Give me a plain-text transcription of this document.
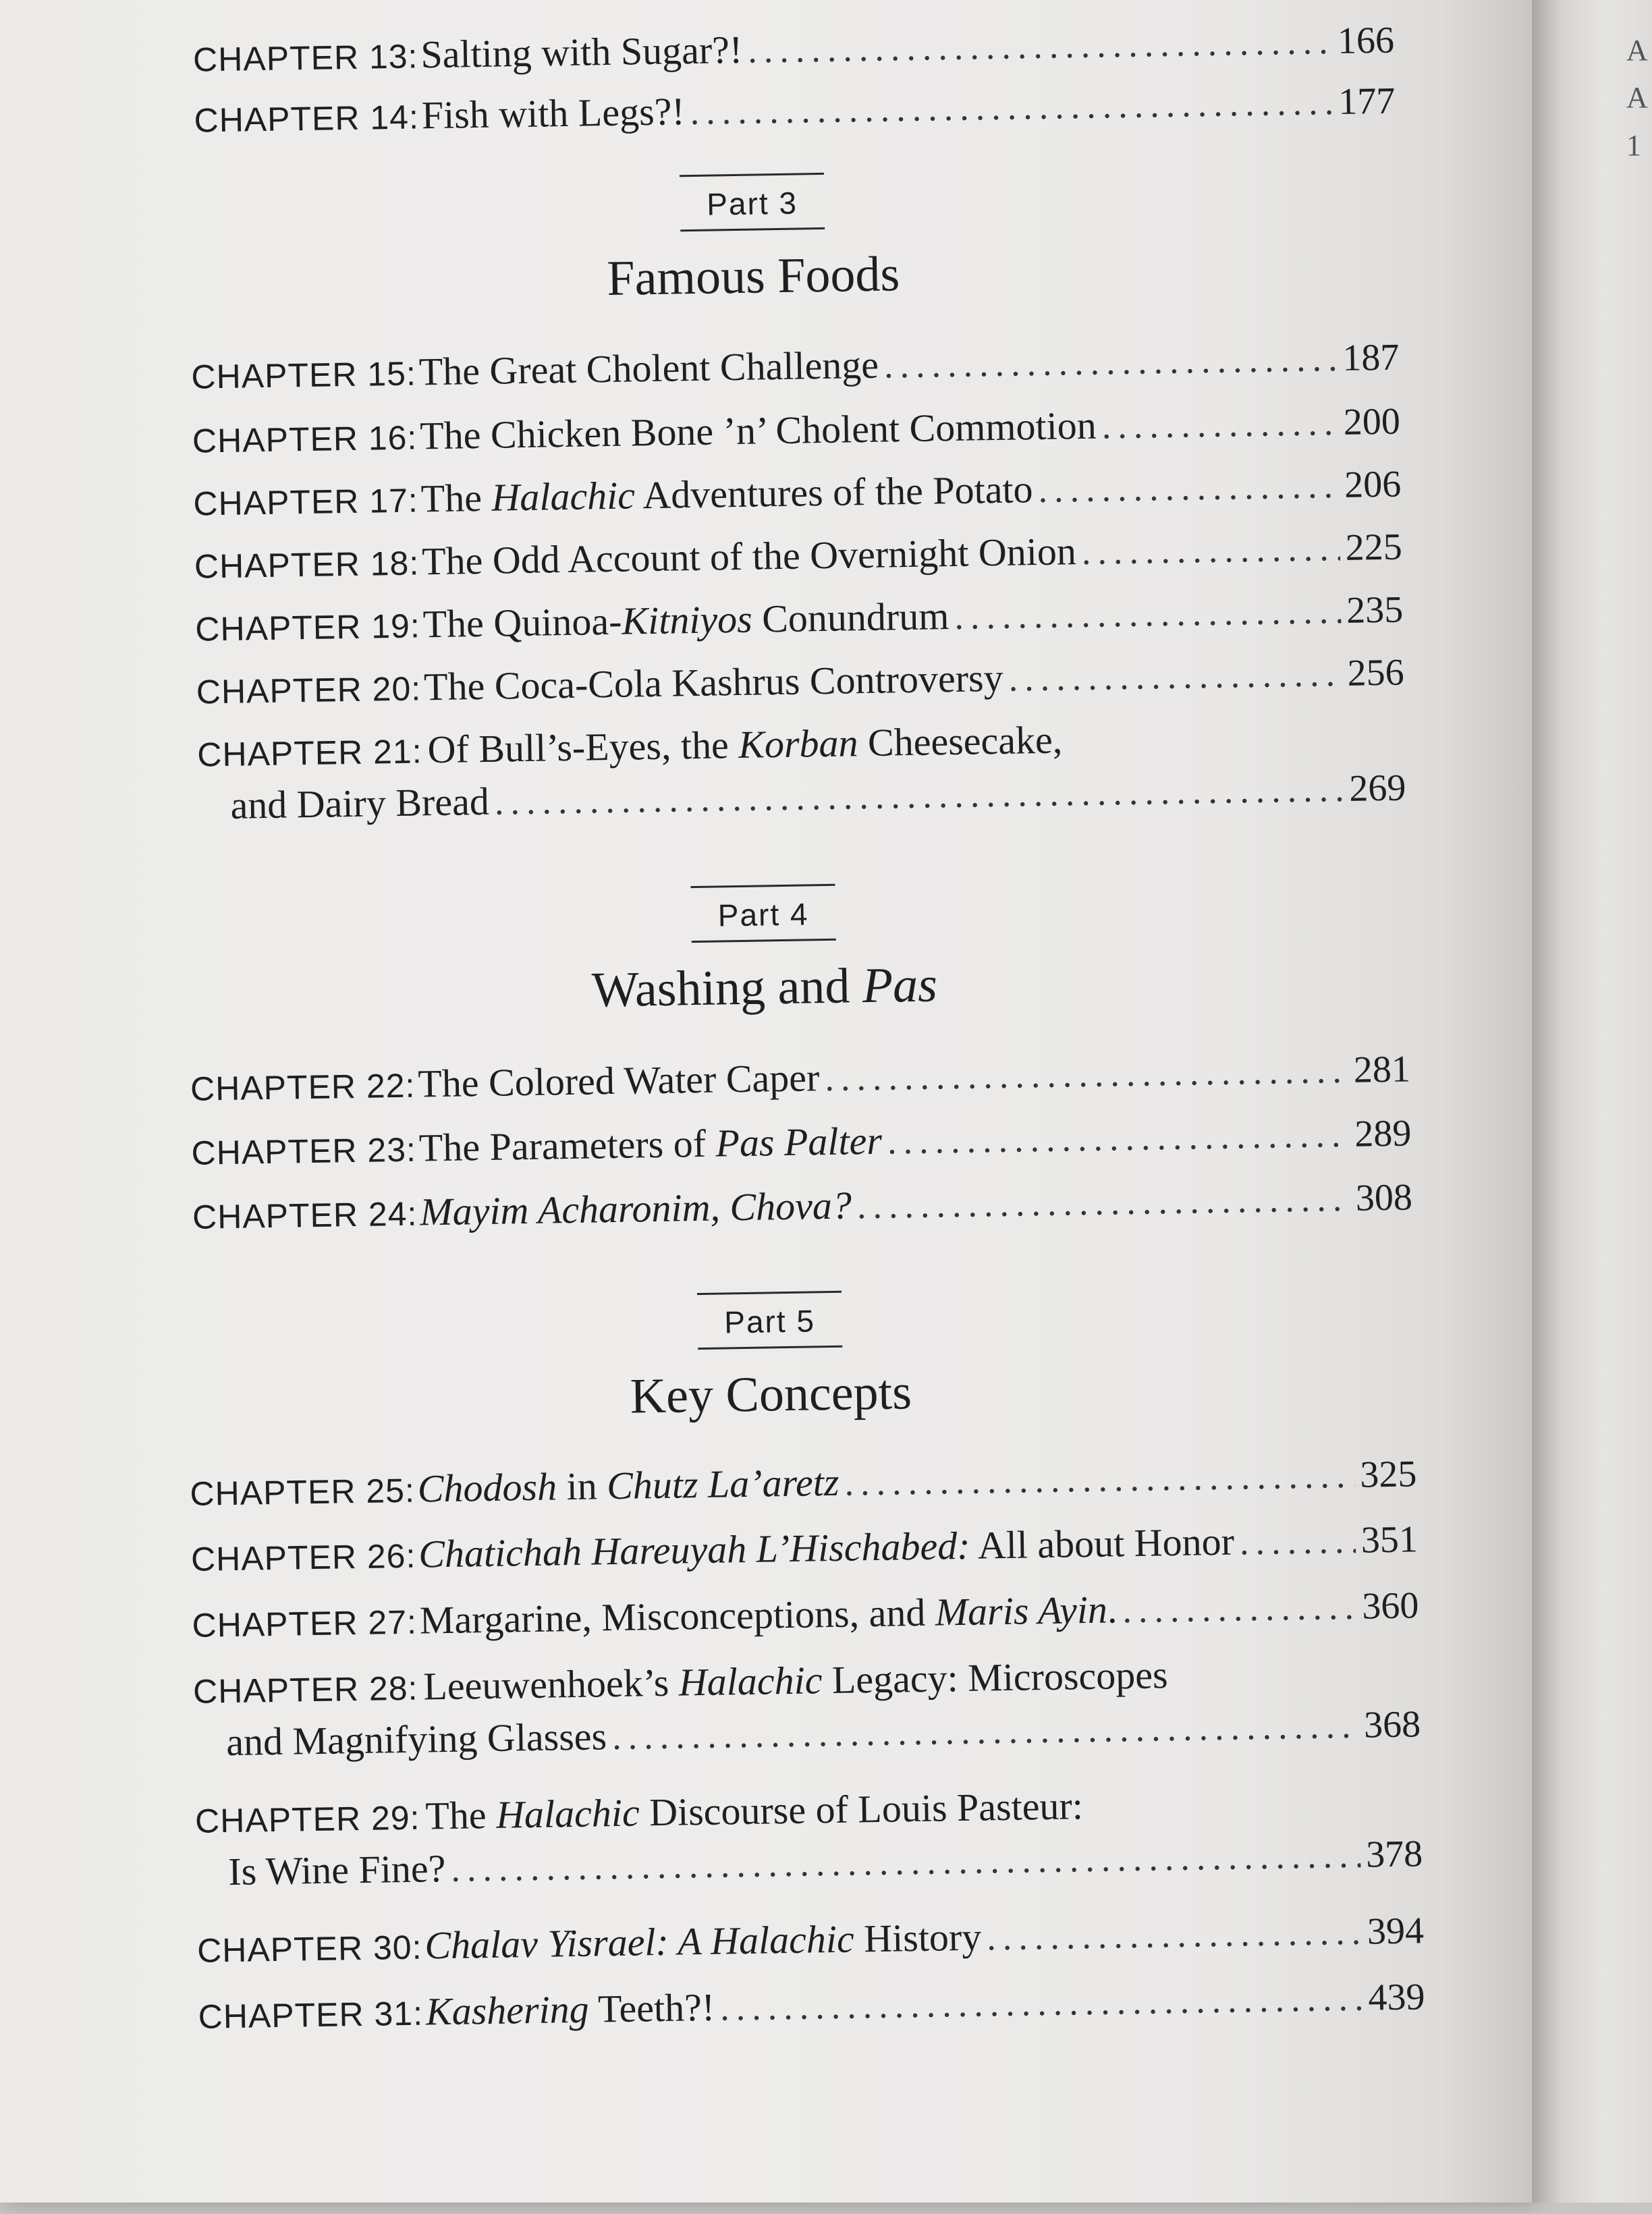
CHAPTER 13:
Salting with Sugar?! .....	166
CHAPTER 14:
Fish with Legs?! .....	177
Part 3
Famous Foods
CHAPTER 15:
The Great Cholent Challenge .....	187
CHAPTER 16:
The Chicken Bone ’n’ Cholent Commotion .....	200
CHAPTER 17:
The Halachic Adventures of the Potato .....	206
CHAPTER 18:
The Odd Account of the Overnight Onion .....	225
CHAPTER 19:
The Quinoa-Kitniyos Conundrum .....	235
CHAPTER 20:
The Coca-Cola Kashrus Controversy .....	256
CHAPTER 21: Of Bull’s-Eyes, the Korban Cheesecake,
and Dairy Bread .....	269
Part 4
Washing and Pas
CHAPTER 22:
The Colored Water Caper .....	281
CHAPTER 23:
The Parameters of Pas Palter .....	289
CHAPTER 24:
Mayim Acharonim, Chova? .....	308
Part 5
Key Concepts
CHAPTER 25:
Chodosh in Chutz La’aretz .....	325
CHAPTER 26:
Chatichah Hareuyah L’Hischabed: All about Honor .....	351
CHAPTER 27:
Margarine, Misconceptions, and Maris Ayin. .....	360
CHAPTER 28: Leeuwenhoek’s Halachic Legacy: Microscopes
and Magnifying Glasses .....	368
CHAPTER 29: The Halachic Discourse of Louis Pasteur:
Is Wine Fine? .....	378
CHAPTER 30:
Chalav Yisrael: A Halachic History .....	394
CHAPTER 31:
Kashering Teeth?! .....	439
A
A
1
